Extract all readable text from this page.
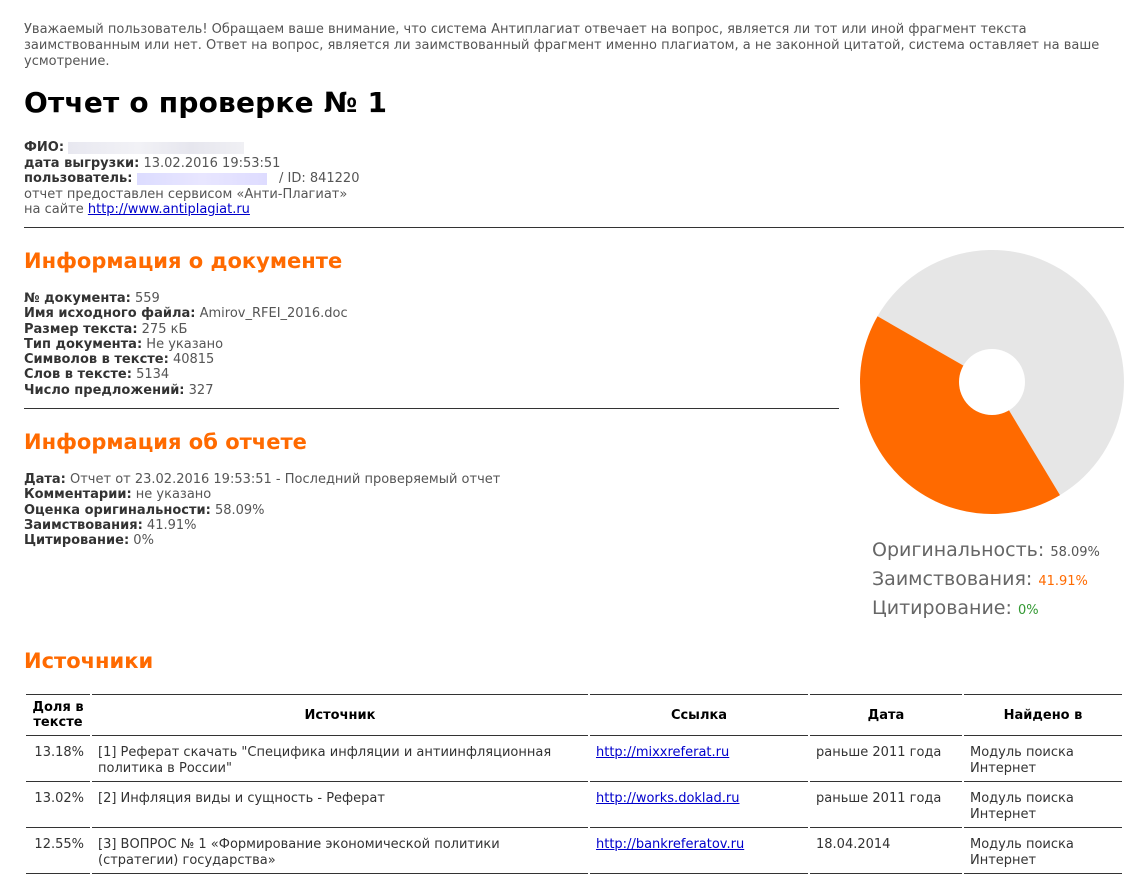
Уважаемый пользователь! Обращаем ваше внимание, что система Антиплагиат отвечает на вопрос, является ли тот или иной фрагмент текста заимствованным или нет. Ответ на вопрос, является ли заимствованный фрагмент именно плагиатом, а не законной цитатой, система оставляет на ваше усмотрение.
Отчет о проверке № 1
ФИО:
дата выгрузки: 13.02.2016 19:53:51
пользователь:	/ ID: 841220
отчет предоставлен сервисом «Анти-Плагиат»
на сайте http://www.antiplagiat.ru
Информация о документе
№ документа: 559
Имя исходного файла: Amirov_RFEI_2016.doc
Размер текста: 275 кБ
Тип документа: Не указано
Символов в тексте: 40815
Слов в тексте: 5134
Число предложений: 327
Информация об отчете
Дата: Отчет от 23.02.2016 19:53:51 - Последний проверяемый отчет
Комментарии: не указано
Оценка оригинальности: 58.09%
Заимствования: 41.91%
Цитирование: 0%	Оригинальность: 58.09%
Заимствования: 41.91%
Цитирование: 0%
Источники
Доля в тексте	Источник	Ссылка	Дата	Найдено в
13.18%	[1] Реферат скачать "Специфика инфляции и антиинфляционная политика в России"	http://mixxreferat.ru	раньше 2011 года	Модуль поиска Интернет
13.02%	[2] Инфляция виды и сущность - Реферат	http://works.doklad.ru	раньше 2011 года	Модуль поиска Интернет
12.55%	[3] ВОПРОС № 1 «Формирование экономической политики (стратегии) государства»	http://bankreferatov.ru	18.04.2014	Модуль поиска Интернет
